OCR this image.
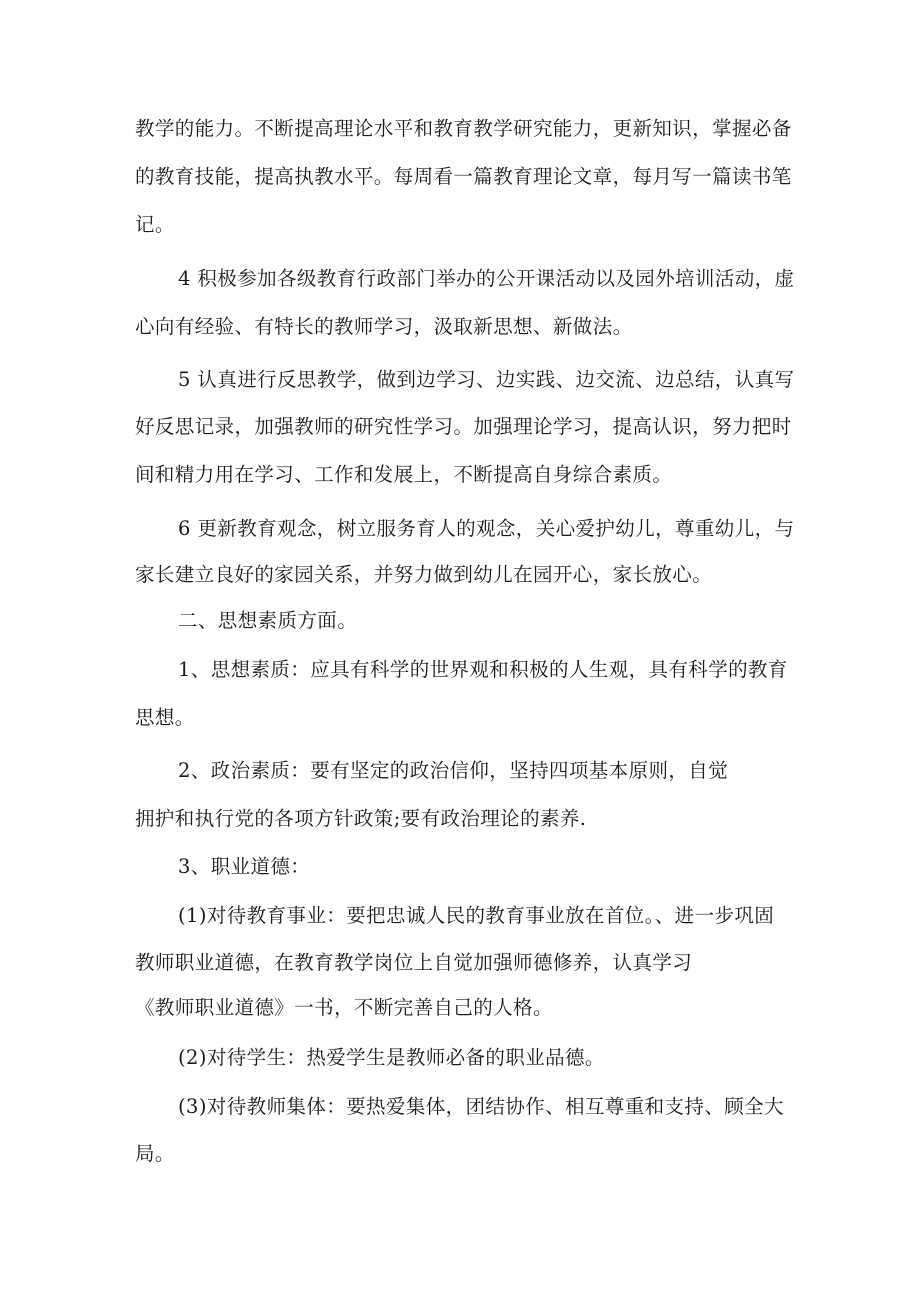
教学的能力。不断提高理论水平和教育教学研究能力，更新知识，掌握必备

的教育技能，提高执教水平。每周看一篇教育理论文章，每月写一篇读书笔

记。

4 积极参加各级教育行政部门举办的公开课活动以及园外培训活动，虚

心向有经验、有特长的教师学习，汲取新思想、新做法。

5 认真进行反思教学，做到边学习、边实践、边交流、边总结，认真写

好反思记录，加强教师的研究性学习。加强理论学习，提高认识，努力把时

间和精力用在学习、工作和发展上，不断提高自身综合素质。

6 更新教育观念，树立服务育人的观念，关心爱护幼儿，尊重幼儿，与

家长建立良好的家园关系，并努力做到幼儿在园开心，家长放心。

二、思想素质方面。

1、思想素质：应具有科学的世界观和积极的人生观，具有科学的教育

思想。

2、政治素质：要有坚定的政治信仰，坚持四项基本原则，自觉

拥护和执行党的各项方针政策;要有政治理论的素养.

3、职业道德：

(1)对待教育事业：要把忠诚人民的教育事业放在首位。、进一步巩固

教师职业道德，在教育教学岗位上自觉加强师德修养，认真学习

《教师职业道德》一书，不断完善自己的人格。

(2)对待学生：热爱学生是教师必备的职业品德。

(3)对待教师集体：要热爱集体，团结协作、相互尊重和支持、顾全大

局。
